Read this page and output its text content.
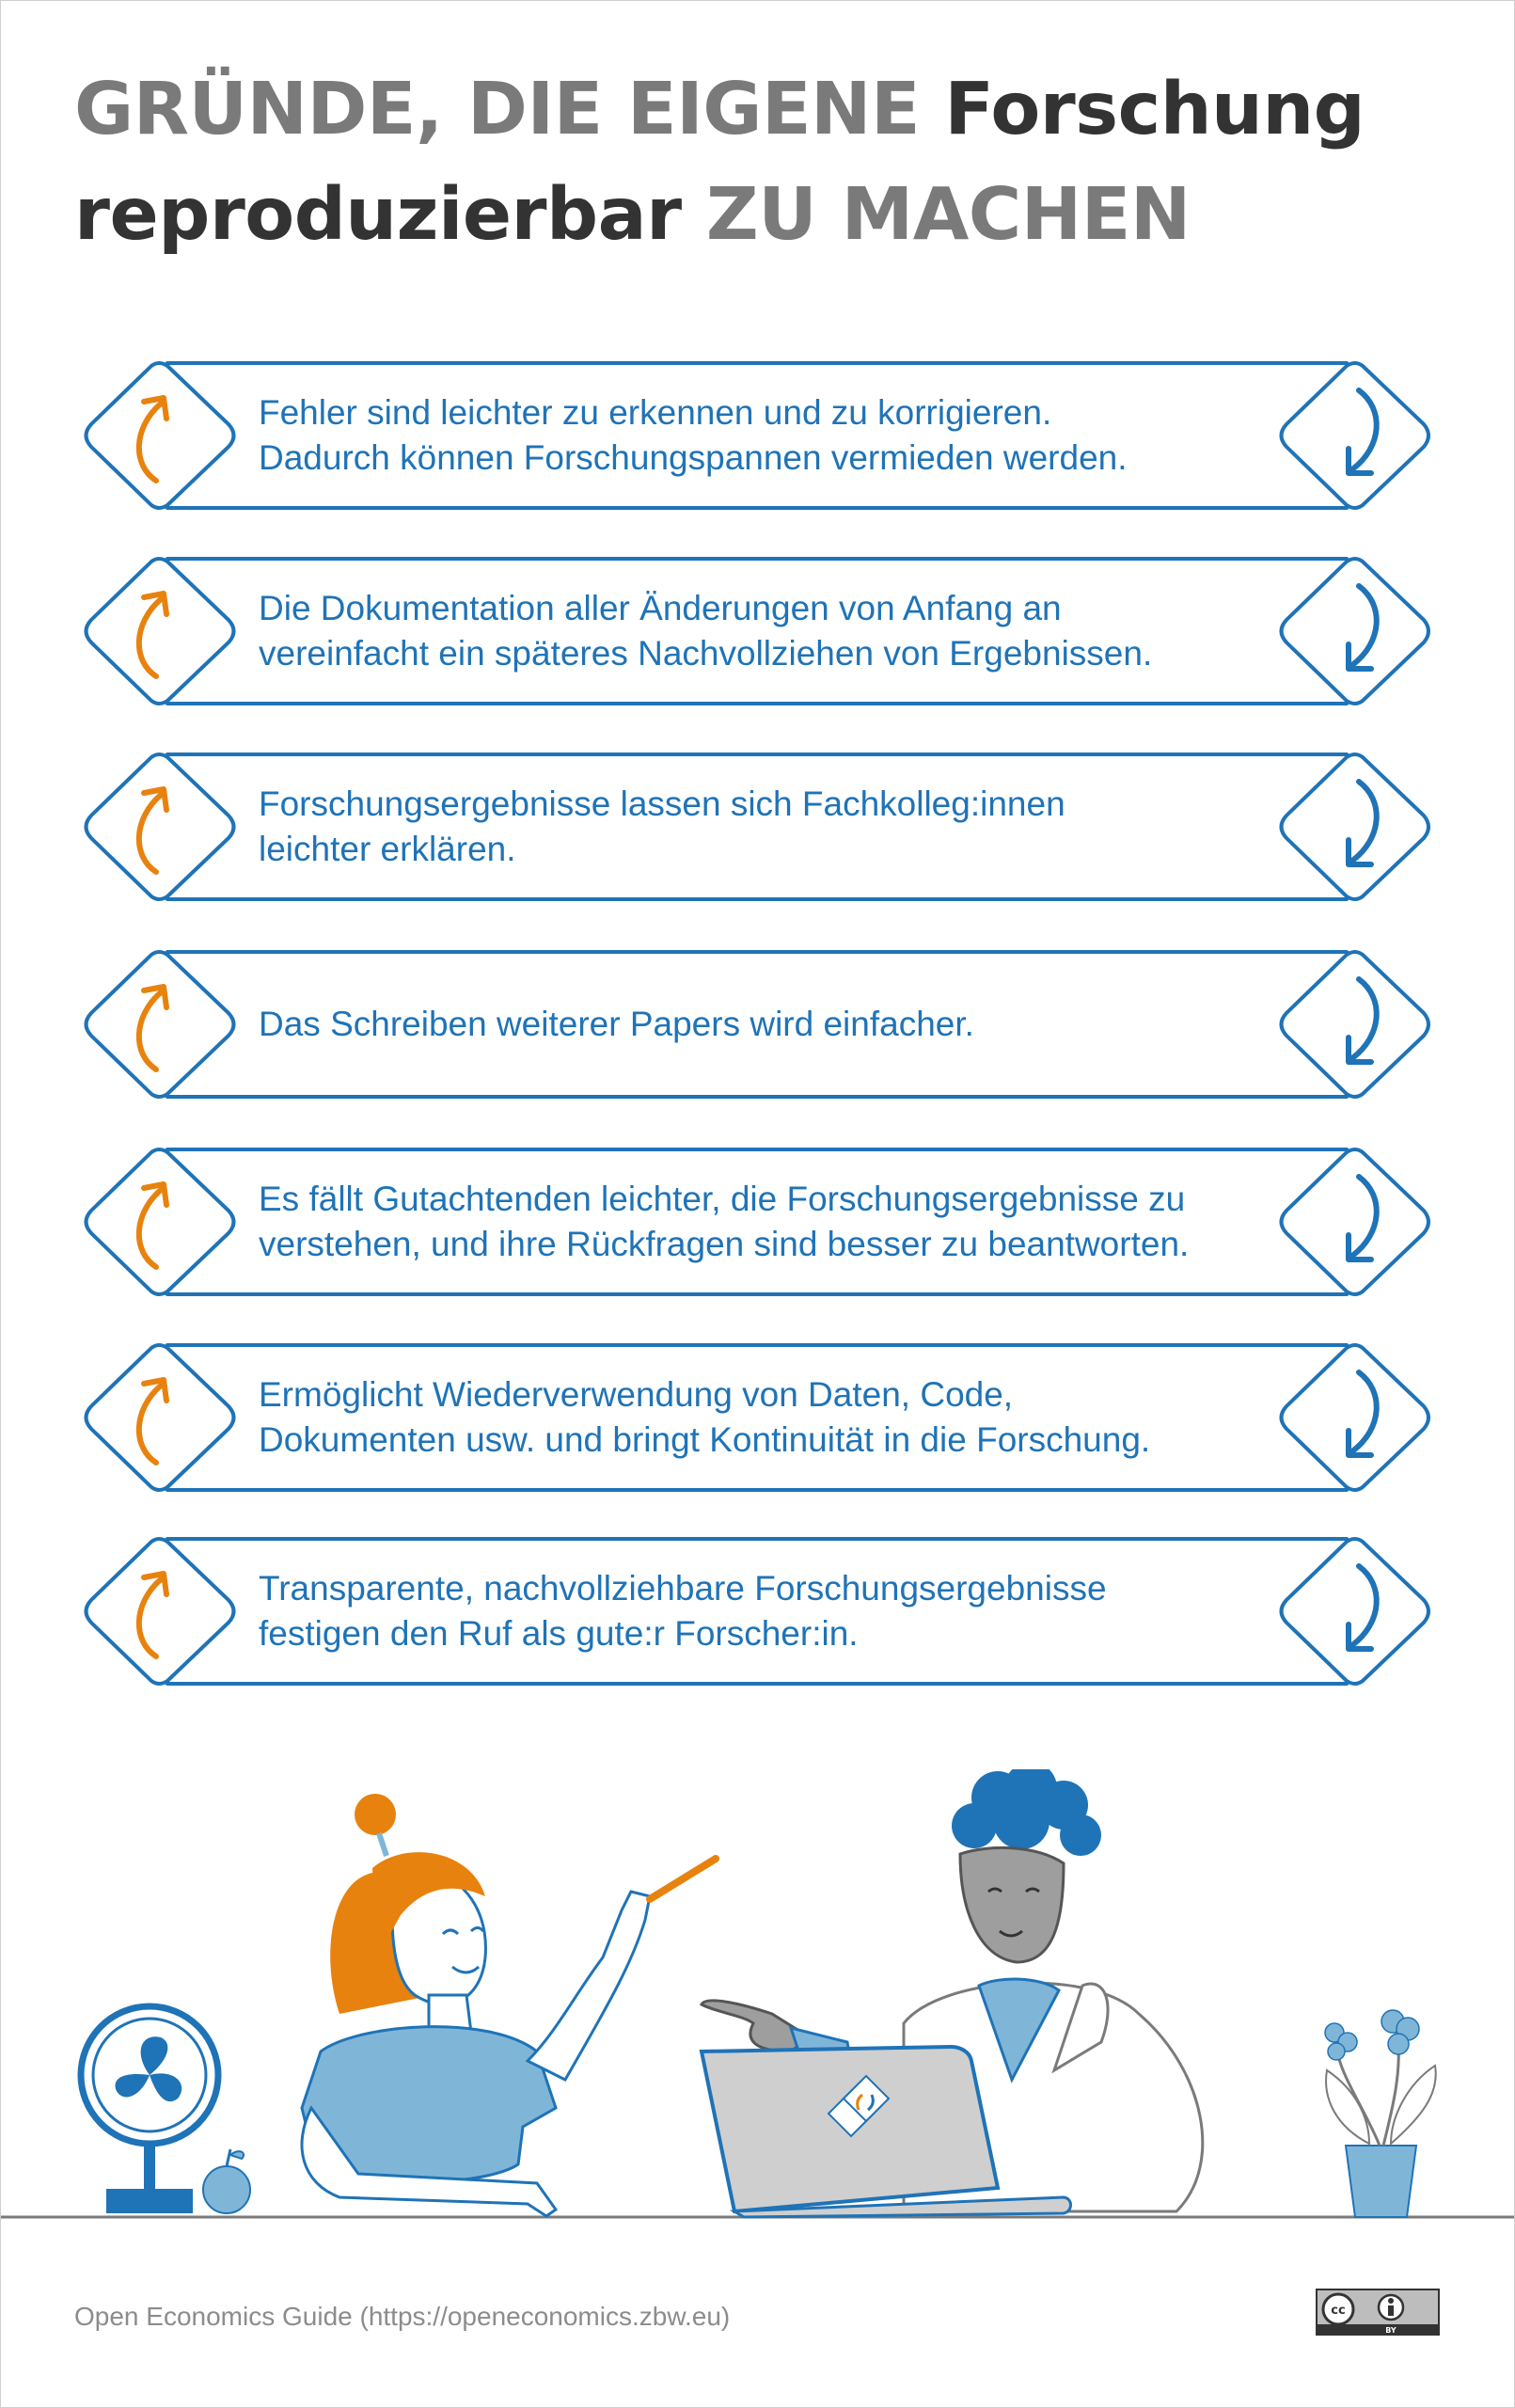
GRÜNDE, DIE EIGENE Forschung
reproduzierbar ZU MACHEN
Fehler sind leichter zu erkennen und zu korrigieren.
Dadurch können Forschungspannen vermieden werden.
Die Dokumentation aller Änderungen von Anfang an
vereinfacht ein späteres Nachvollziehen von Ergebnissen.
Forschungsergebnisse lassen sich Fachkolleg:innen
leichter erklären.
Das Schreiben weiterer Papers wird einfacher.
Es fällt Gutachtenden leichter, die Forschungsergebnisse zu
verstehen, und ihre Rückfragen sind besser zu beantworten.
Ermöglicht Wiederverwendung von Daten, Code,
Dokumenten usw. und bringt Kontinuität in die Forschung.
Transparente, nachvollziehbare Forschungsergebnisse
festigen den Ruf als gute:r Forscher:in.
Open Economics Guide (https://openeconomics.zbw.eu)	cc
BY
